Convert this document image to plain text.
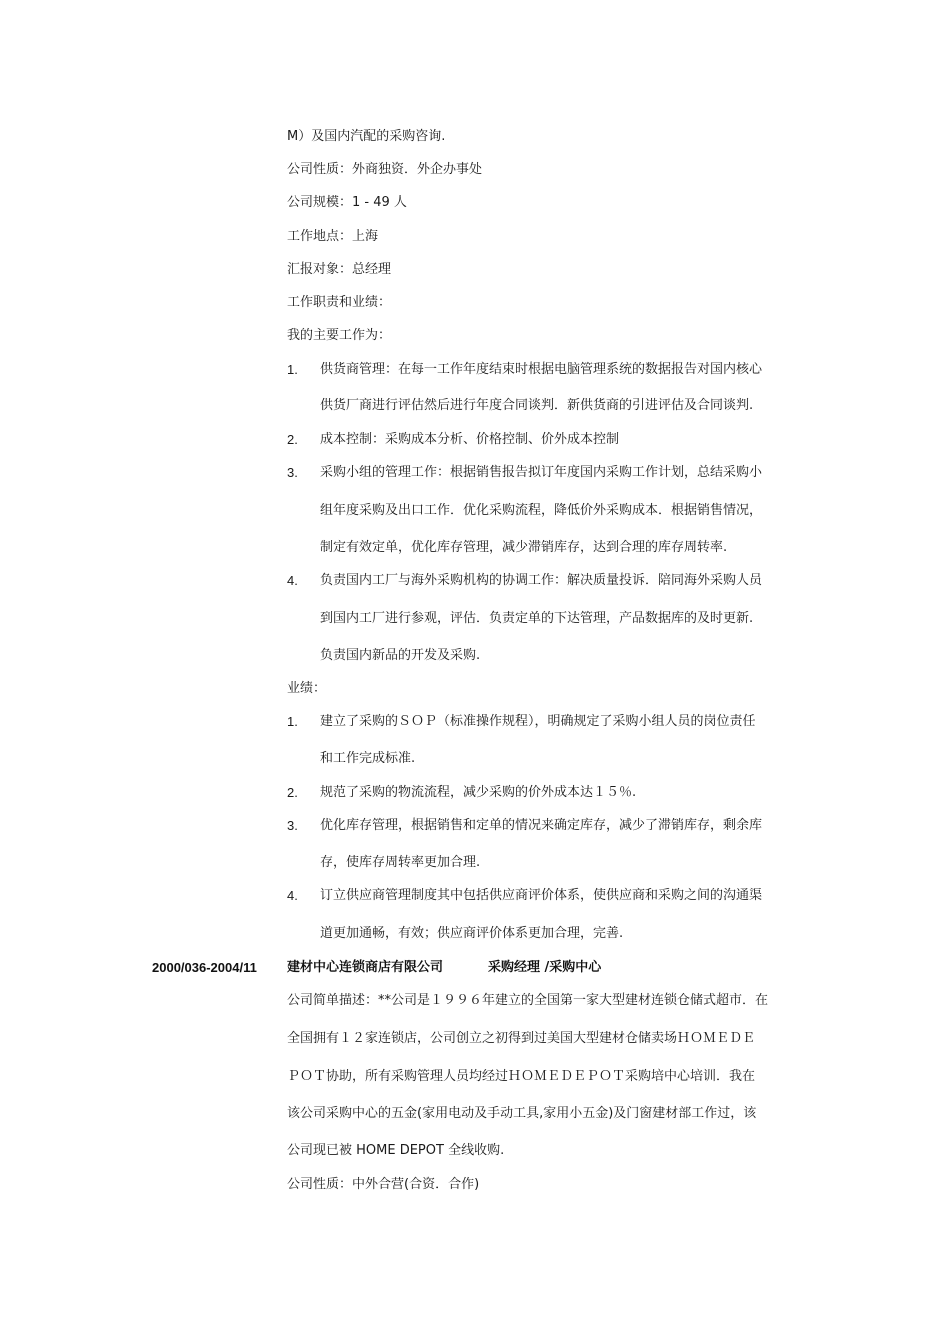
M）及国内汽配的采购咨询.
公司性质：外商独资．外企办事处
公司规模：1 - 49 人
工作地点：上海
汇报对象：总经理
工作职责和业绩：
我的主要工作为：
1. 供货商管理：在每一工作年度结束时根据电脑管理系统的数据报告对国内核心
供货厂商进行评估然后进行年度合同谈判．新供货商的引进评估及合同谈判.
2. 成本控制：采购成本分析、价格控制、价外成本控制
3. 采购小组的管理工作：根据销售报告拟订年度国内采购工作计划，总结采购小
组年度采购及出口工作．优化采购流程，降低价外采购成本．根据销售情况，
制定有效定单，优化库存管理，减少滞销库存，达到合理的库存周转率.
4. 负责国内工厂与海外采购机构的协调工作：解决质量投诉．陪同海外采购人员
到国内工厂进行参观，评估．负责定单的下达管理，产品数据库的及时更新.
负责国内新品的开发及采购.
业绩：
1. 建立了采购的ＳＯＰ（标准操作规程），明确规定了采购小组人员的岗位责任
和工作完成标准.
2. 规范了采购的物流流程，减少采购的价外成本达１５％.
3. 优化库存管理，根据销售和定单的情况来确定库存，减少了滞销库存，剩余库
存，使库存周转率更加合理.
4. 订立供应商管理制度其中包括供应商评价体系，使供应商和采购之间的沟通渠
道更加通畅，有效；供应商评价体系更加合理，完善.
2000/036-2004/11 建材中心连锁商店有限公司	采购经理 /采购中心
公司简单描述：**公司是１９９６年建立的全国第一家大型建材连锁仓储式超市．在
全国拥有１２家连锁店，公司创立之初得到过美国大型建材仓储卖场ＨＯＭＥＤＥ
ＰＯＴ协助，所有采购管理人员均经过ＨＯＭＥＤＥＰＯＴ采购培中心培训．我在
该公司采购中心的五金(家用电动及手动工具,家用小五金)及门窗建材部工作过，该
公司现已被 HOME DEPOT 全线收购.
公司性质：中外合营(合资．合作)
